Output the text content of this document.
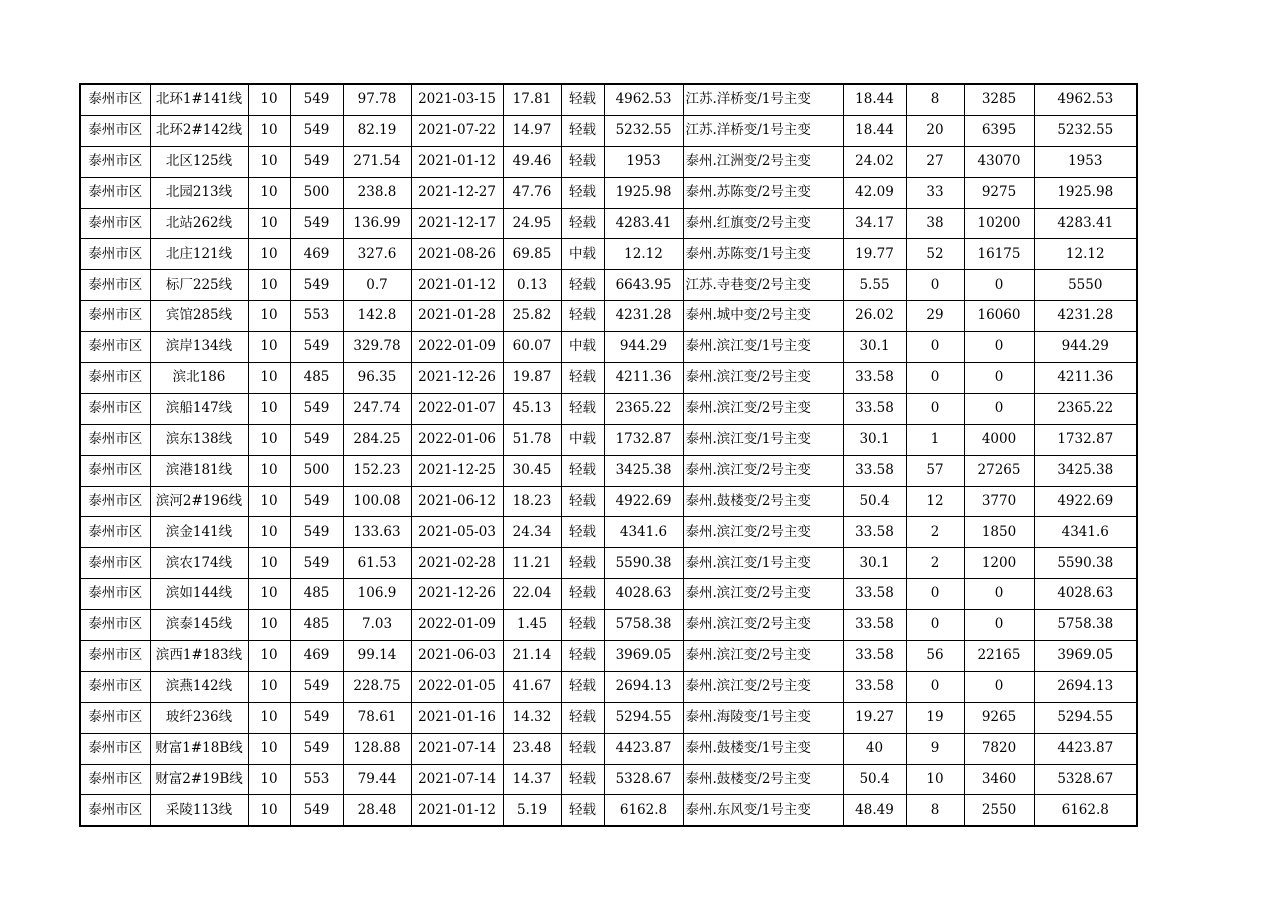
泰州市区	北环1#141线	10	549	97.78	2021-03-15	17.81	轻载	4962.53	江苏.洋桥变/1号主变	18.44	8	3285	4962.53
泰州市区	北环2#142线	10	549	82.19	2021-07-22	14.97	轻载	5232.55	江苏.洋桥变/1号主变	18.44	20	6395	5232.55
泰州市区	北区125线	10	549	271.54	2021-01-12	49.46	轻载	1953	泰州.江洲变/2号主变	24.02	27	43070	1953
泰州市区	北园213线	10	500	238.8	2021-12-27	47.76	轻载	1925.98	泰州.苏陈变/2号主变	42.09	33	9275	1925.98
泰州市区	北站262线	10	549	136.99	2021-12-17	24.95	轻载	4283.41	泰州.红旗变/2号主变	34.17	38	10200	4283.41
泰州市区	北庄121线	10	469	327.6	2021-08-26	69.85	中载	12.12	泰州.苏陈变/1号主变	19.77	52	16175	12.12
泰州市区	标厂225线	10	549	0.7	2021-01-12	0.13	轻载	6643.95	江苏.寺巷变/2号主变	5.55	0	0	5550
泰州市区	宾馆285线	10	553	142.8	2021-01-28	25.82	轻载	4231.28	泰州.城中变/2号主变	26.02	29	16060	4231.28
泰州市区	滨岸134线	10	549	329.78	2022-01-09	60.07	中载	944.29	泰州.滨江变/1号主变	30.1	0	0	944.29
泰州市区	滨北186	10	485	96.35	2021-12-26	19.87	轻载	4211.36	泰州.滨江变/2号主变	33.58	0	0	4211.36
泰州市区	滨船147线	10	549	247.74	2022-01-07	45.13	轻载	2365.22	泰州.滨江变/2号主变	33.58	0	0	2365.22
泰州市区	滨东138线	10	549	284.25	2022-01-06	51.78	中载	1732.87	泰州.滨江变/1号主变	30.1	1	4000	1732.87
泰州市区	滨港181线	10	500	152.23	2021-12-25	30.45	轻载	3425.38	泰州.滨江变/2号主变	33.58	57	27265	3425.38
泰州市区	滨河2#196线	10	549	100.08	2021-06-12	18.23	轻载	4922.69	泰州.鼓楼变/2号主变	50.4	12	3770	4922.69
泰州市区	滨金141线	10	549	133.63	2021-05-03	24.34	轻载	4341.6	泰州.滨江变/2号主变	33.58	2	1850	4341.6
泰州市区	滨农174线	10	549	61.53	2021-02-28	11.21	轻载	5590.38	泰州.滨江变/1号主变	30.1	2	1200	5590.38
泰州市区	滨如144线	10	485	106.9	2021-12-26	22.04	轻载	4028.63	泰州.滨江变/2号主变	33.58	0	0	4028.63
泰州市区	滨泰145线	10	485	7.03	2022-01-09	1.45	轻载	5758.38	泰州.滨江变/2号主变	33.58	0	0	5758.38
泰州市区	滨西1#183线	10	469	99.14	2021-06-03	21.14	轻载	3969.05	泰州.滨江变/2号主变	33.58	56	22165	3969.05
泰州市区	滨燕142线	10	549	228.75	2022-01-05	41.67	轻载	2694.13	泰州.滨江变/2号主变	33.58	0	0	2694.13
泰州市区	玻纤236线	10	549	78.61	2021-01-16	14.32	轻载	5294.55	泰州.海陵变/1号主变	19.27	19	9265	5294.55
泰州市区	财富1#18B线	10	549	128.88	2021-07-14	23.48	轻载	4423.87	泰州.鼓楼变/1号主变	40	9	7820	4423.87
泰州市区	财富2#19B线	10	553	79.44	2021-07-14	14.37	轻载	5328.67	泰州.鼓楼变/2号主变	50.4	10	3460	5328.67
泰州市区	采陵113线	10	549	28.48	2021-01-12	5.19	轻载	6162.8	泰州.东风变/1号主变	48.49	8	2550	6162.8
